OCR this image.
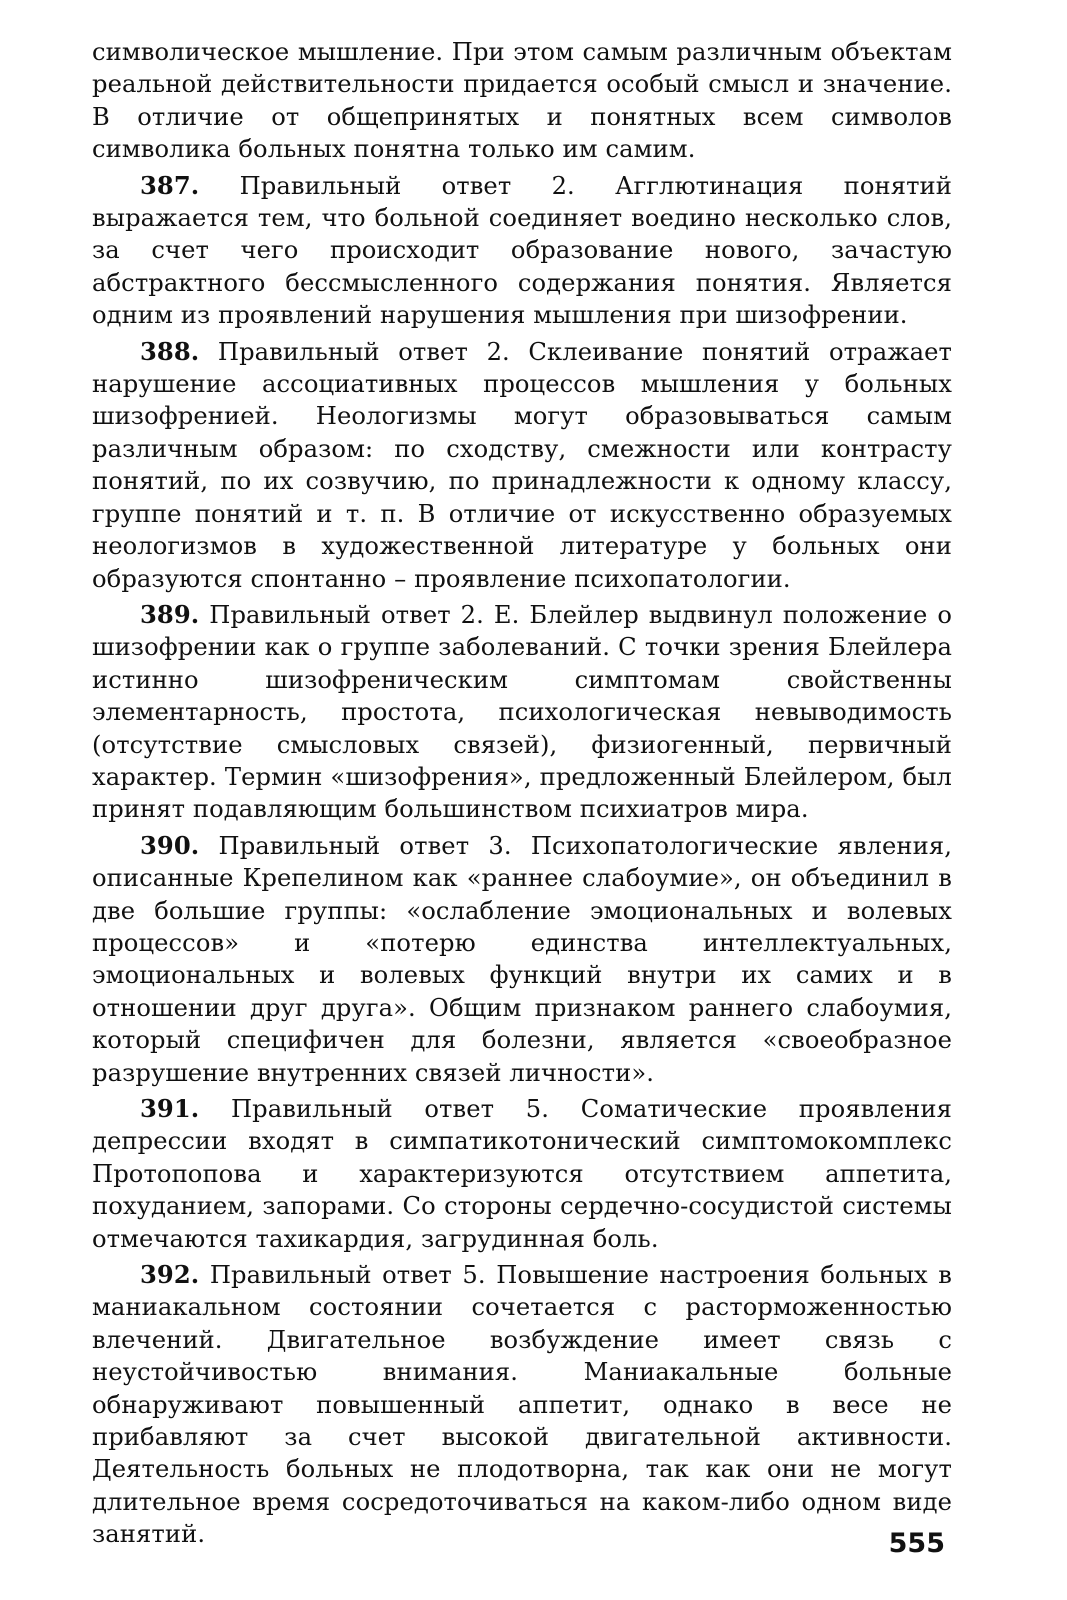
символическое мышление. При этом самым различным объектам реальной действительности придается особый смысл и значение. В отличие от общепринятых и понятных всем символов символика больных понятна только им самим.

387. Правильный ответ 2. Агглютинация понятий выражается тем, что больной соединяет воедино несколько слов, за счет чего происходит образование нового, зачастую абстрактного бессмысленного содержания понятия. Является одним из проявлений нарушения мышления при шизофрении.

388. Правильный ответ 2. Склеивание понятий отражает нарушение ассоциативных процессов мышления у больных шизофренией. Неологизмы могут образовываться самым различным образом: по сходству, смежности или контрасту понятий, по их созвучию, по принадлежности к одному классу, группе понятий и т. п. В отличие от искусственно образуемых неологизмов в художественной литературе у больных они образуются спонтанно – проявление психопатологии.

389. Правильный ответ 2. Е. Блейлер выдвинул положение о шизофрении как о группе заболеваний. С точки зрения Блейлера истинно шизофреническим симптомам свойственны элементарность, простота, психологическая невыводимость (отсутствие смысловых связей), физиогенный, первичный характер. Термин «шизофрения», предложенный Блейлером, был принят подавляющим большинством психиатров мира.

390. Правильный ответ 3. Психопатологические явления, описанные Крепелином как «раннее слабоумие», он объединил в две большие группы: «ослабление эмоциональных и волевых процессов» и «потерю единства интеллектуальных, эмоциональных и волевых функций внутри их самих и в отношении друг друга». Общим признаком раннего слабоумия, который специфичен для болезни, является «своеобразное разрушение внутренних связей личности».

391. Правильный ответ 5. Соматические проявления депрессии входят в симпатикотонический симптомокомплекс Протопопова и характеризуются отсутствием аппетита, похуданием, запорами. Со стороны сердечно-сосудистой системы отмечаются тахикардия, загрудинная боль.

392. Правильный ответ 5. Повышение настроения больных в маниакальном состоянии сочетается с расторможенностью влечений. Двигательное возбуждение имеет связь с неустойчивостью внимания. Маниакальные больные обнаруживают повышенный аппетит, однако в весе не прибавляют за счет высокой двигательной активности. Деятельность больных не плодотворна, так как они не могут длительное время сосредоточиваться на каком-либо одном виде занятий.	555
